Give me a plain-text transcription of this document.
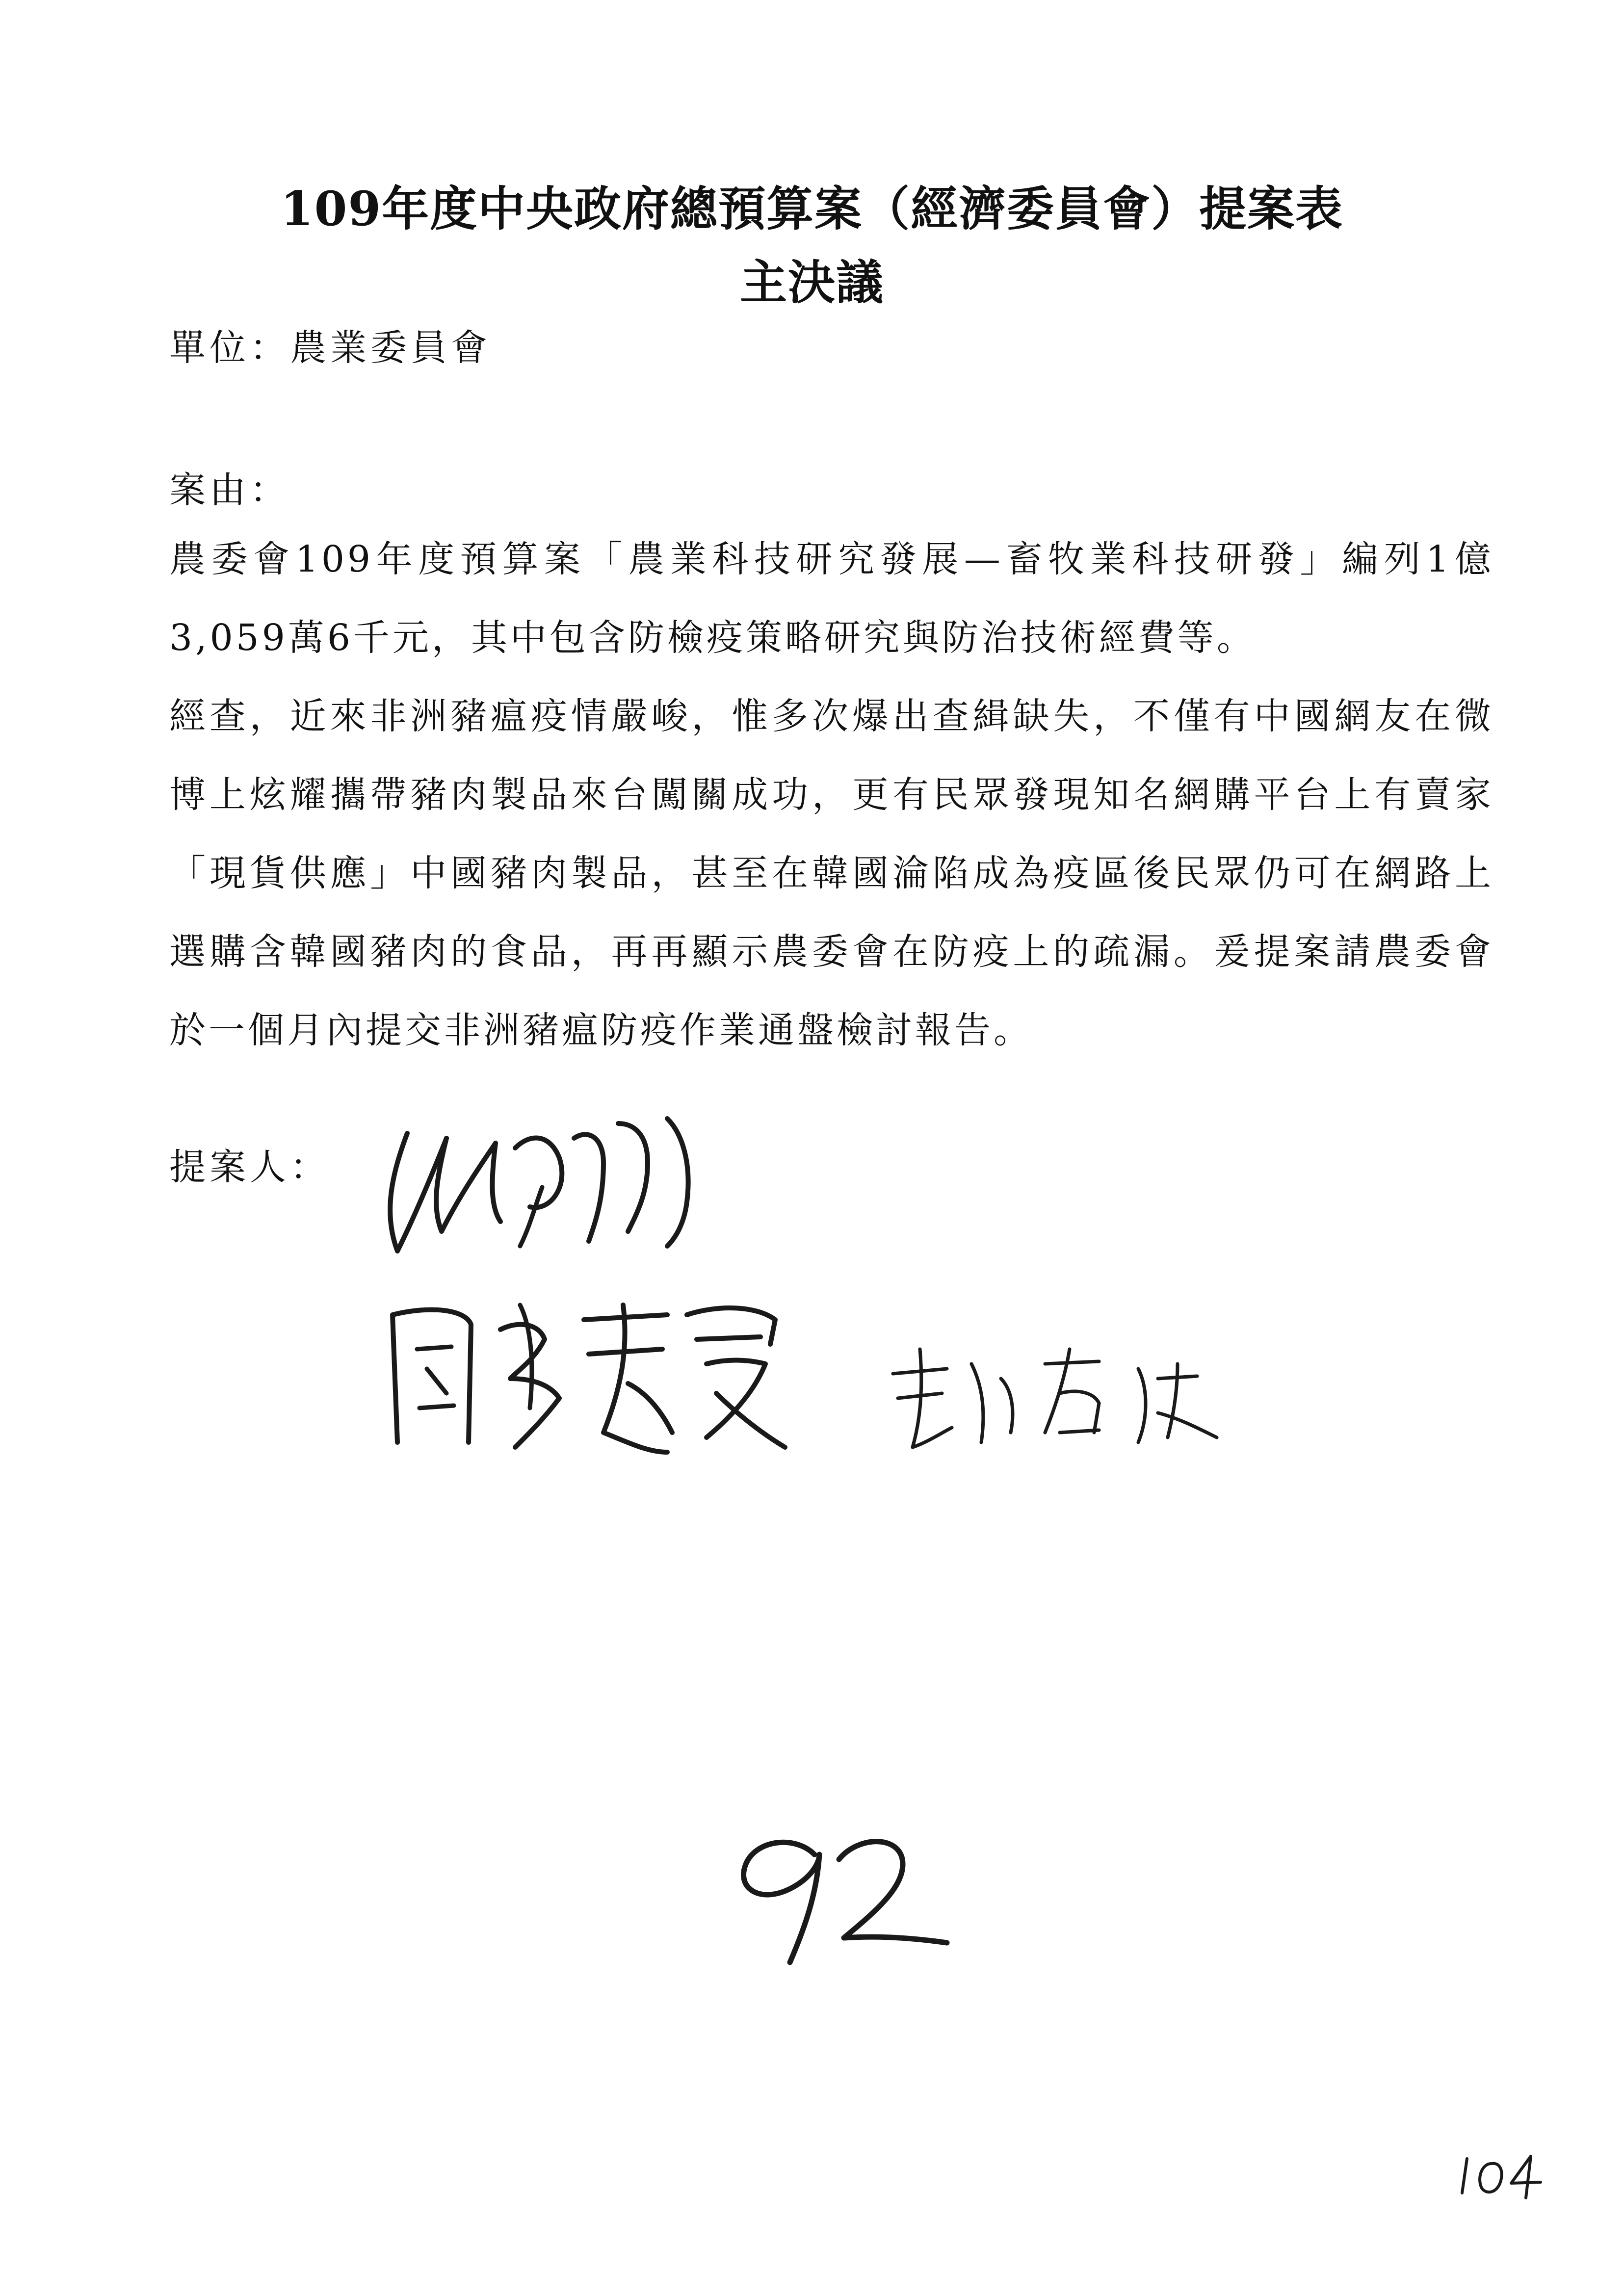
109年度中央政府總預算案（經濟委員會）提案表
主決議
單位：農業委員會
案由：
農委會109年度預算案「農業科技研究發展—畜牧業科技研發」編列1億3,059萬6千元，其中包含防檢疫策略研究與防治技術經費等。
經查，近來非洲豬瘟疫情嚴峻，惟多次爆出查緝缺失，不僅有中國網友在微博上炫耀攜帶豬肉製品來台闖關成功，更有民眾發現知名網購平台上有賣家「現貨供應」中國豬肉製品，甚至在韓國淪陷成為疫區後民眾仍可在網路上選購含韓國豬肉的食品，再再顯示農委會在防疫上的疏漏。爰提案請農委會於一個月內提交非洲豬瘟防疫作業通盤檢討報告。
提案人：
